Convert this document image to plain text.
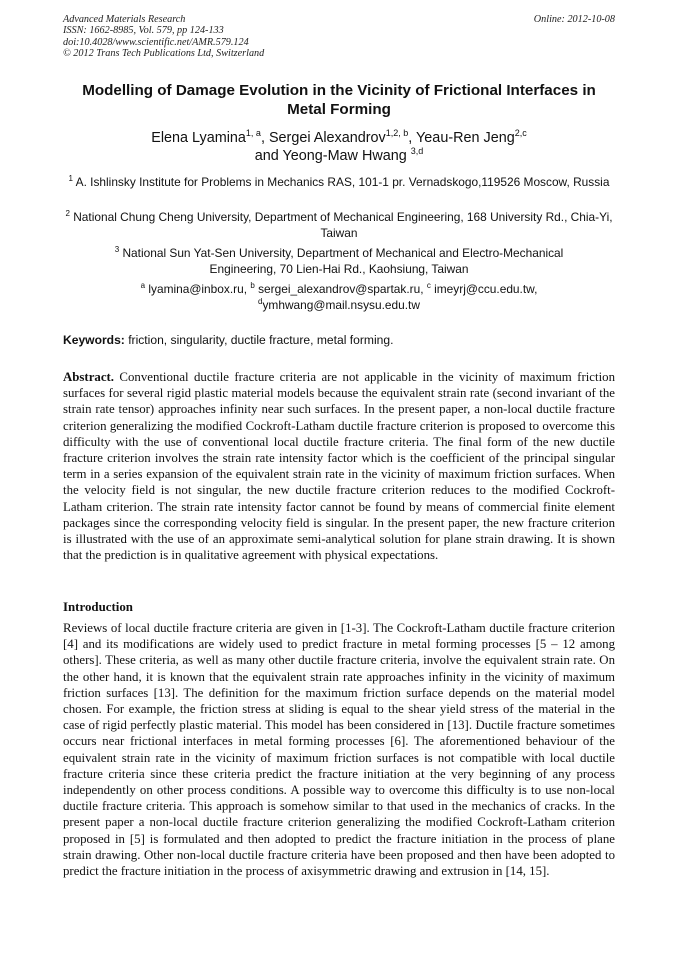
Advanced Materials Research
ISSN: 1662-8985, Vol. 579, pp 124-133
doi:10.4028/www.scientific.net/AMR.579.124
© 2012 Trans Tech Publications Ltd, Switzerland
Online: 2012-10-08
Modelling of Damage Evolution in the Vicinity of Frictional Interfaces in Metal Forming
Elena Lyamina$^{1, a}$, Sergei Alexandrov$^{1,2, b}$, Yeau-Ren Jeng$^{2,c}$
and Yeong-Maw Hwang $^{3,d}$
$^1$ A. Ishlinsky Institute for Problems in Mechanics RAS, 101-1 pr. Vernadskogo,119526 Moscow, Russia
$^2$ National Chung Cheng University, Department of Mechanical Engineering, 168 University Rd., Chia-Yi, Taiwan
$^3$ National Sun Yat-Sen University, Department of Mechanical and Electro-Mechanical Engineering, 70 Lien-Hai Rd., Kaohsiung, Taiwan
$^a$ lyamina@inbox.ru, $^b$ sergei_alexandrov@spartak.ru, $^c$ imeyrj@ccu.edu.tw,
$^d$ymhwang@mail.nsysu.edu.tw
Keywords: friction, singularity, ductile fracture, metal forming.
Abstract. Conventional ductile fracture criteria are not applicable in the vicinity of maximum friction surfaces for several rigid plastic material models because the equivalent strain rate (second invariant of the strain rate tensor) approaches infinity near such surfaces. In the present paper, a non-local ductile fracture criterion generalizing the modified Cockroft-Latham ductile fracture criterion is proposed to overcome this difficulty with the use of conventional local ductile fracture criteria. The final form of the new ductile fracture criterion involves the strain rate intensity factor which is the coefficient of the principal singular term in a series expansion of the equivalent strain rate in the vicinity of maximum friction surfaces. When the velocity field is not singular, the new ductile fracture criterion reduces to the modified Cockroft-Latham criterion. The strain rate intensity factor cannot be found by means of commercial finite element packages since the corresponding velocity field is singular. In the present paper, the new fracture criterion is illustrated with the use of an approximate semi-analytical solution for plane strain drawing. It is shown that the prediction is in qualitative agreement with physical expectations.
Introduction
Reviews of local ductile fracture criteria are given in [1-3]. The Cockroft-Latham ductile fracture criterion [4] and its modifications are widely used to predict fracture in metal forming processes [5 – 12 among others]. These criteria, as well as many other ductile fracture criteria, involve the equivalent strain rate. On the other hand, it is known that the equivalent strain rate approaches infinity in the vicinity of maximum friction surfaces [13]. The definition for the maximum friction surface depends on the material model chosen. For example, the friction stress at sliding is equal to the shear yield stress of the material in the case of rigid perfectly plastic material. This model has been considered in [13]. Ductile fracture sometimes occurs near frictional interfaces in metal forming processes [6]. The aforementioned behaviour of the equivalent strain rate in the vicinity of maximum friction surfaces is not compatible with local ductile fracture criteria since these criteria predict the fracture initiation at the very beginning of any process independently on other process conditions. A possible way to overcome this difficulty is to use non-local ductile fracture criteria. This approach is somehow similar to that used in the mechanics of cracks. In the present paper a non-local ductile fracture criterion generalizing the modified Cockroft-Latham criterion proposed in [5] is formulated and then adopted to predict the fracture initiation in the process of plane strain drawing. Other non-local ductile fracture criteria have been proposed and then have been adopted to predict the fracture initiation in the process of axisymmetric drawing and extrusion in [14, 15].
